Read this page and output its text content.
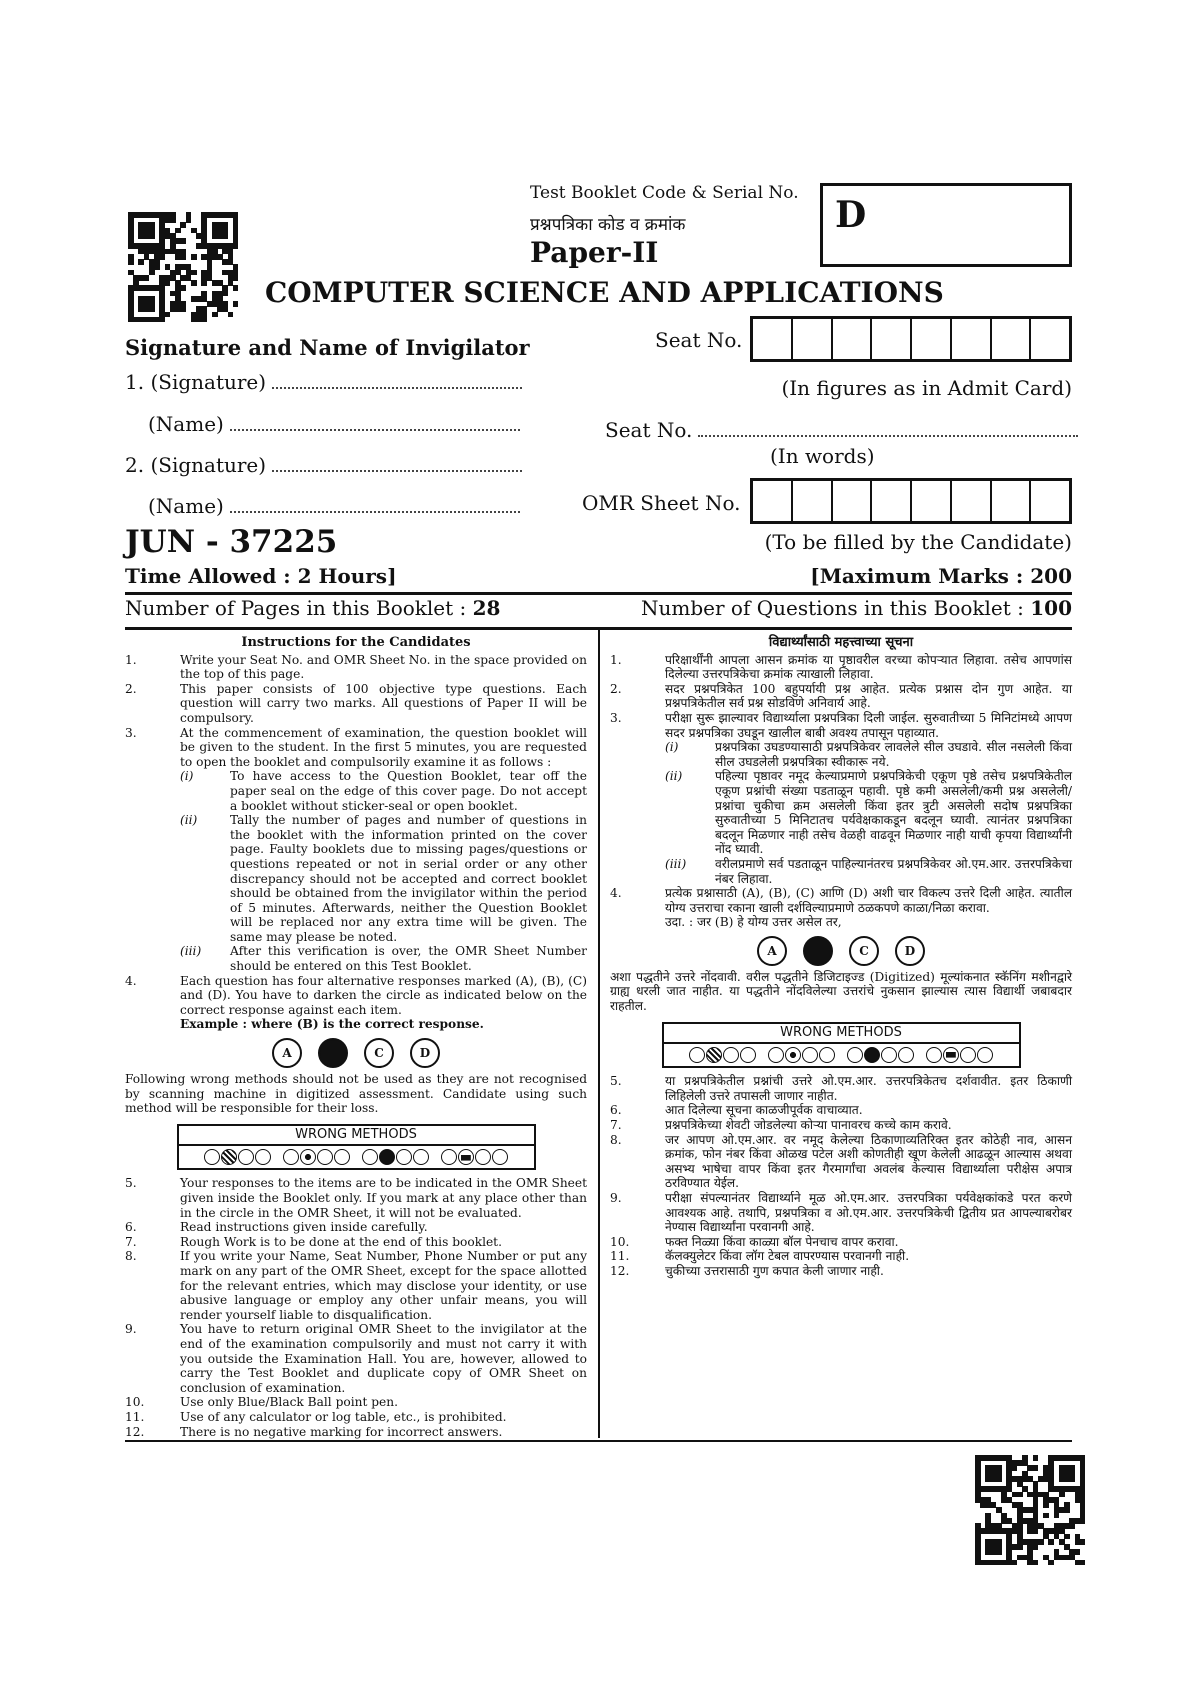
Test Booklet Code & Serial No.
प्रश्नपत्रिका कोड व क्रमांक	D
Paper-II
COMPUTER SCIENCE AND APPLICATIONS
Signature and Name of Invigilator
1. (Signature)
(Name)
2. (Signature)
(Name)
Seat No.
(In figures as in Admit Card)
Seat No.
(In words)
OMR Sheet No.
(To be filled by the Candidate)
JUN - 37225
Time Allowed : 2 Hours]	[Maximum Marks : 200
Number of Pages in this Booklet : 28	Number of Questions in this Booklet : 100
Instructions for the Candidates
1.	Write your Seat No. and OMR Sheet No. in the space provided on the top of this page.
2.	This paper consists of 100 objective type questions. Each question will carry two marks. All questions of Paper II will be compulsory.
3.	At the commencement of examination, the question booklet will be given to the student. In the first 5 minutes, you are requested to open the booklet and compulsorily examine it as follows :
(i)	To have access to the Question Booklet, tear off the paper seal on the edge of this cover page. Do not accept a booklet without sticker-seal or open booklet.
(ii)	Tally the number of pages and number of questions in the booklet with the information printed on the cover page. Faulty booklets due to missing pages/questions or questions repeated or not in serial order or any other discrepancy should not be accepted and correct booklet should be obtained from the invigilator within the period of 5 minutes. Afterwards, neither the Question Booklet will be replaced nor any extra time will be given. The same may please be noted.
(iii)	After this verification is over, the OMR Sheet Number should be entered on this Test Booklet.
4.	Each question has four alternative responses marked (A), (B), (C) and (D). You have to darken the circle as indicated below on the correct response against each item.
Example : where (B) is the correct response.
A	C	D
Following wrong methods should not be used as they are not recognised by scanning machine in digitized assessment. Candidate using such method will be responsible for their loss.
WRONG METHODS
5.	Your responses to the items are to be indicated in the OMR Sheet given inside the Booklet only. If you mark at any place other than in the circle in the OMR Sheet, it will not be evaluated.
6.	Read instructions given inside carefully.
7.	Rough Work is to be done at the end of this booklet.
8.	If you write your Name, Seat Number, Phone Number or put any mark on any part of the OMR Sheet, except for the space allotted for the relevant entries, which may disclose your identity, or use abusive language or employ any other unfair means, you will render yourself liable to disqualification.
9.	You have to return original OMR Sheet to the invigilator at the end of the examination compulsorily and must not carry it with you outside the Examination Hall. You are, however, allowed to carry the Test Booklet and duplicate copy of OMR Sheet on conclusion of examination.
10.	Use only Blue/Black Ball point pen.
11.	Use of any calculator or log table, etc., is prohibited.
12.	There is no negative marking for incorrect answers.
विद्यार्थ्यांसाठी महत्त्वाच्या सूचना
1.	परिक्षार्थींनी आपला आसन क्रमांक या पृष्ठावरील वरच्या कोपऱ्यात लिहावा. तसेच आपणांस दिलेल्या उत्तरपत्रिकेचा क्रमांक त्याखाली लिहावा.
2.	सदर प्रश्नपत्रिकेत 100 बहुपर्यायी प्रश्न आहेत. प्रत्येक प्रश्नास दोन गुण आहेत. या प्रश्नपत्रिकेतील सर्व प्रश्न सोडविणे अनिवार्य आहे.
3.	परीक्षा सुरू झाल्यावर विद्यार्थ्याला प्रश्नपत्रिका दिली जाईल. सुरुवातीच्या 5 मिनिटांमध्ये आपण सदर प्रश्नपत्रिका उघडून खालील बाबी अवश्य तपासून पहाव्यात.
(i)	प्रश्नपत्रिका उघडण्यासाठी प्रश्नपत्रिकेवर लावलेले सील उघडावे. सील नसलेली किंवा सील उघडलेली प्रश्नपत्रिका स्वीकारू नये.
(ii)	पहिल्या पृष्ठावर नमूद केल्याप्रमाणे प्रश्नपत्रिकेची एकूण पृष्ठे तसेच प्रश्नपत्रिकेतील एकूण प्रश्नांची संख्या पडताळून पहावी. पृष्ठे कमी असलेली/कमी प्रश्न असलेली/प्रश्नांचा चुकीचा क्रम असलेली किंवा इतर त्रुटी असलेली सदोष प्रश्नपत्रिका सुरुवातीच्या 5 मिनिटातच पर्यवेक्षकाकडून बदलून घ्यावी. त्यानंतर प्रश्नपत्रिका बदलून मिळणार नाही तसेच वेळही वाढवून मिळणार नाही याची कृपया विद्यार्थ्यांनी नोंद घ्यावी.
(iii)	वरीलप्रमाणे सर्व पडताळून पाहिल्यानंतरच प्रश्नपत्रिकेवर ओ.एम.आर. उत्तरपत्रिकेचा नंबर लिहावा.
4.	प्रत्येक प्रश्नासाठी (A), (B), (C) आणि (D) अशी चार विकल्प उत्तरे दिली आहेत. त्यातील योग्य उत्तराचा रकाना खाली दर्शविल्याप्रमाणे ठळकपणे काळा/निळा करावा.
उदा. : जर (B) हे योग्य उत्तर असेल तर,
A	C	D
अशा पद्धतीने उत्तरे नोंदवावी. वरील पद्धतीने डिजिटाइज्ड (Digitized) मूल्यांकनात स्कॅनिंग मशीनद्वारे ग्राह्य धरली जात नाहीत. या पद्धतीने नोंदविलेल्या उत्तरांचे नुकसान झाल्यास त्यास विद्यार्थी जबाबदार राहतील.
WRONG METHODS
5.	या प्रश्नपत्रिकेतील प्रश्नांची उत्तरे ओ.एम.आर. उत्तरपत्रिकेतच दर्शवावीत. इतर ठिकाणी लिहिलेली उत्तरे तपासली जाणार नाहीत.
6.	आत दिलेल्या सूचना काळजीपूर्वक वाचाव्यात.
7.	प्रश्नपत्रिकेच्या शेवटी जोडलेल्या कोऱ्या पानावरच कच्चे काम करावे.
8.	जर आपण ओ.एम.आर. वर नमूद केलेल्या ठिकाणाव्यतिरिक्त इतर कोठेही नाव, आसन क्रमांक, फोन नंबर किंवा ओळख पटेल अशी कोणतीही खूण केलेली आढळून आल्यास अथवा असभ्य भाषेचा वापर किंवा इतर गैरमार्गांचा अवलंब केल्यास विद्यार्थ्याला परीक्षेस अपात्र ठरविण्यात येईल.
9.	परीक्षा संपल्यानंतर विद्यार्थ्याने मूळ ओ.एम.आर. उत्तरपत्रिका पर्यवेक्षकांकडे परत करणे आवश्यक आहे. तथापि, प्रश्नपत्रिका व ओ.एम.आर. उत्तरपत्रिकेची द्वितीय प्रत आपल्याबरोबर नेण्यास विद्यार्थ्यांना परवानगी आहे.
10.	फक्त निळ्या किंवा काळ्या बॉल पेनचाच वापर करावा.
11.	कॅलक्युलेटर किंवा लॉग टेबल वापरण्यास परवानगी नाही.
12.	चुकीच्या उत्तरासाठी गुण कपात केली जाणार नाही.
